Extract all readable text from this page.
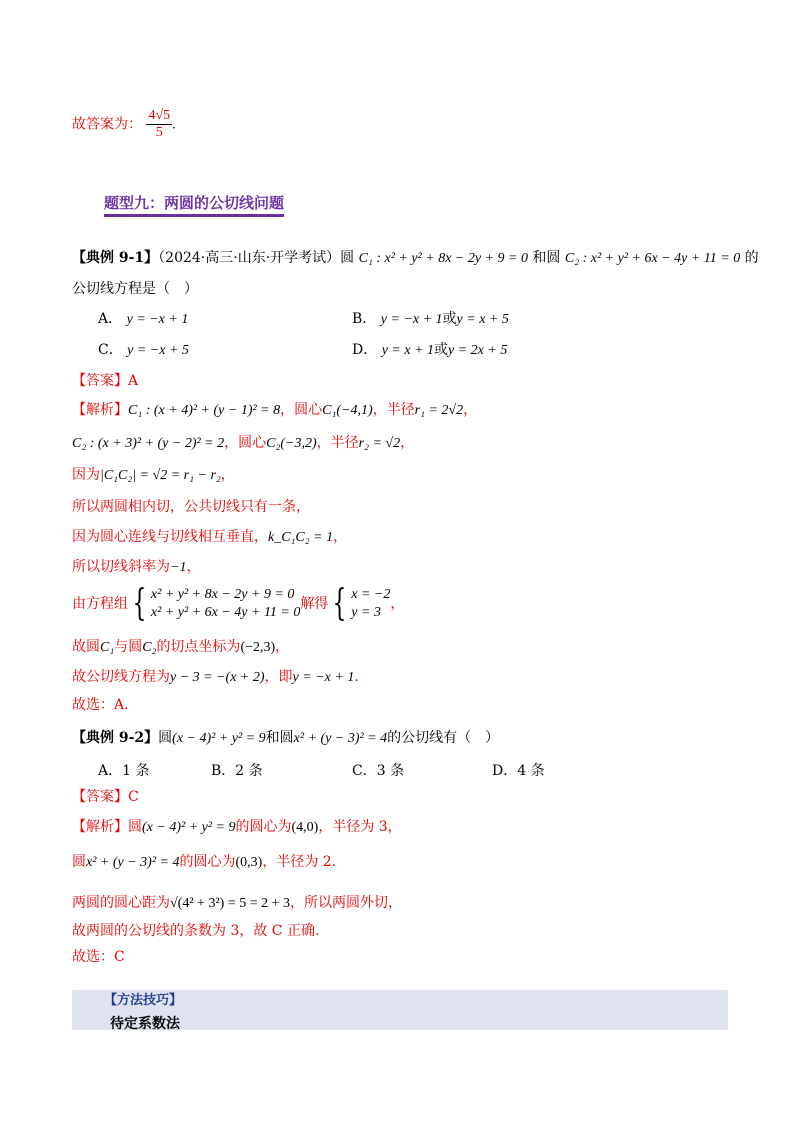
故答案为： $\frac{4√5}{5}$ .
题型九：两圆的公切线问题
【典例 9-1】（2024·高三·山东·开学考试）圆 C₁ : x² + y² + 8x − 2y + 9 = 0 和圆 C₂ : x² + y² + 6x − 4y + 11 = 0 的
公切线方程是（　）
A． y = −x + 1	B． y = −x + 1或y = x + 5
C． y = −x + 5	D． y = x + 1或y = 2x + 5
【答案】A
【解析】C₁ : (x + 4)² + (y − 1)² = 8，圆心C₁(−4,1)，半径r₁ = 2√2，
C₂ : (x + 3)² + (y − 2)² = 2，圆心C₂(−3,2)，半径r₂ = √2，
因为|C₁C₂| = √2 = r₁ − r₂，
所以两圆相内切，公共切线只有一条，
因为圆心连线与切线相互垂直，k_C₁C₂ = 1，
所以切线斜率为−1，
由方程组 { x² + y² + 8x − 2y + 9 = 0
x² + y² + 6x − 4y + 11 = 0
解得 { x = −2
y = 3
，
故圆C₁与圆C₂的切点坐标为(−2,3)，
故公切线方程为y − 3 = −(x + 2)，即y = −x + 1.
故选：A.
【典例 9-2】圆(x − 4)² + y² = 9和圆x² + (y − 3)² = 4的公切线有（　）
A．1 条	B．2 条	C．3 条	D．4 条
【答案】C
【解析】圆(x − 4)² + y² = 9的圆心为(4,0)，半径为 3，
圆x² + (y − 3)² = 4的圆心为(0,3)，半径为 2.
两圆的圆心距为√(4² + 3²) = 5 = 2 + 3，所以两圆外切，
故两圆的公切线的条数为 3，故 C 正确.
故选：C
【方法技巧】
待定系数法
